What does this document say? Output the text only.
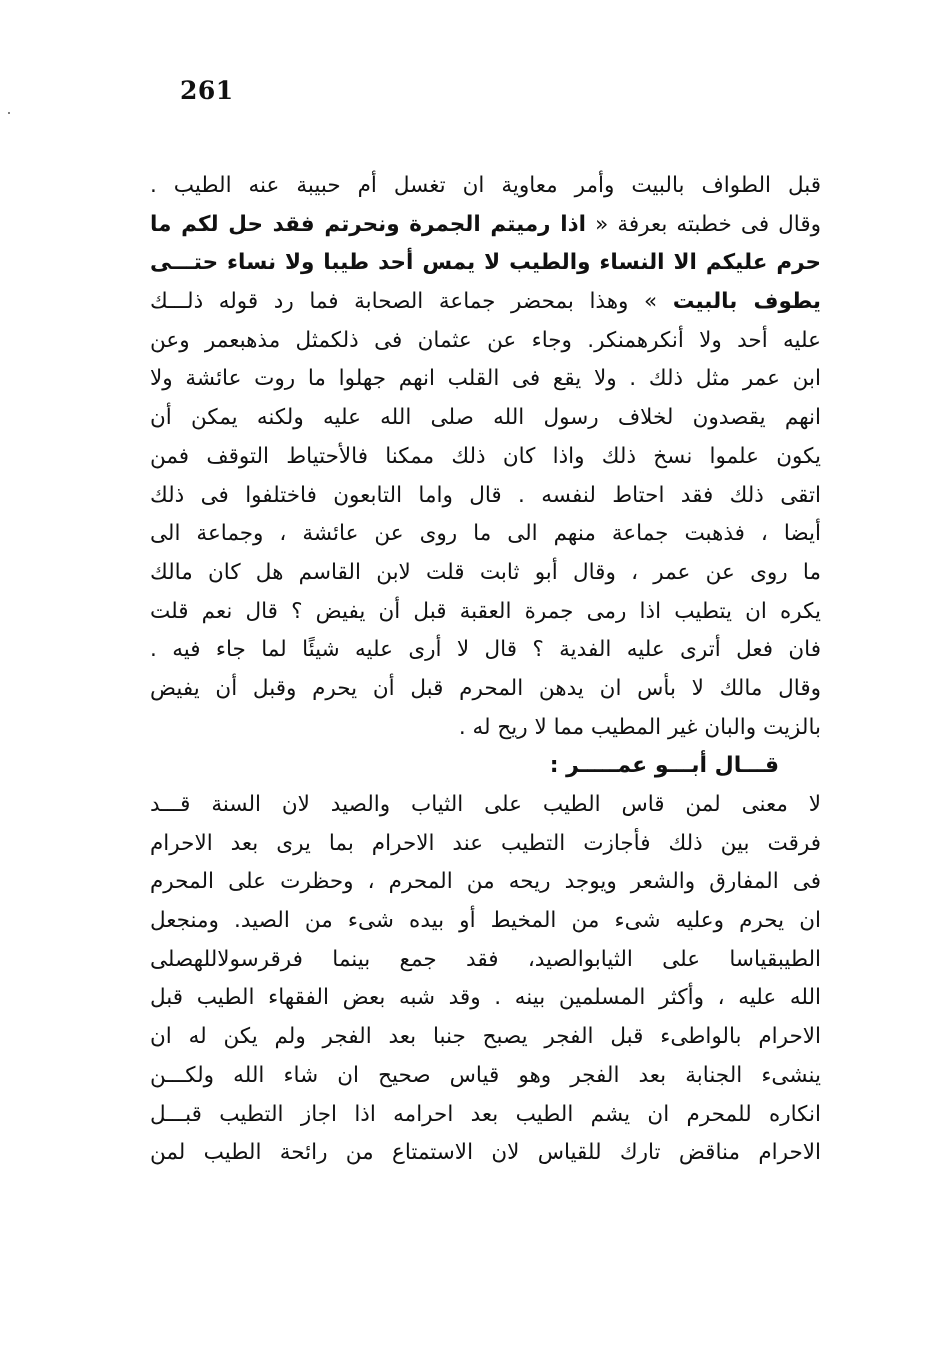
261
قبل الطواف بالبيت وأمر معاوية ان تغسل أم حبيبة عنه الطيب .
وقال فى خطبته بعرفة « اذا رميتم الجمرة ونحرتم فقد حل لكم ما
حرم عليكم الا النساء والطيب لا يمس أحد طيبا ولا نساء حتـــى
يطوف بالبيت » وهذا بمحضر جماعة الصحابة فما رد قوله ذلـــك
عليه أحد ولا أنكرهمنكر. وجاء عن عثمان فى ذلكمثل مذهبعمر وعن
ابن عمر مثل ذلك . ولا يقع فى القلب انهم جهلوا ما روت عائشة ولا
انهم يقصدون لخلاف رسول الله صلى الله عليه ولكنه يمكن أن
يكون علموا نسخ ذلك واذا كان ذلك ممكنا فالأحتياط التوقف فمن
اتقى ذلك فقد احتاط لنفسه . قال واما التابعون فاختلفوا فى ذلك
أيضا ، فذهبت جماعة منهم الى ما روى عن عائشة ، وجماعة الى
ما روى عن عمر ، وقال أبو ثابت قلت لابن القاسم هل كان مالك
يكره ان يتطيب اذا رمى جمرة العقبة قبل أن يفيض ؟ قال نعم قلت
فان فعل أترى عليه الفدية ؟ قال لا أرى عليه شيئًا لما جاء فيه .
وقال مالك لا بأس ان يدهن المحرم قبل أن يحرم وقبل أن يفيض
بالزيت والبان غير المطيب مما لا ريح له .
قـــال أبـــو عمـــــر :
لا معنى لمن قاس الطيب على الثياب والصيد لان السنة قـــد
فرقت بين ذلك فأجازت التطيب عند الاحرام بما يرى بعد الاحرام
فى المفارق والشعر ويوجد ريحه من المحرم ، وحظرت على المحرم
ان يحرم وعليه شىء من المخيط أو بيده شىء من الصيد. ومنجعل
الطيبقياسا على الثيابوالصيد، فقد جمع بينما فرقرسولاللهصلى
الله عليه ، وأكثر المسلمين بينه . وقد شبه بعض الفقهاء الطيب قبل
الاحرام بالواطىء قبل الفجر يصبح جنبا بعد الفجر ولم يكن له ان
ينشىء الجنابة بعد الفجر وهو قياس صحيح ان شاء الله ولكـــن
انكاره للمحرم ان يشم الطيب بعد احرامه اذا اجاز التطيب قبـــل
الاحرام مناقض تارك للقياس لان الاستمتاع من رائحة الطيب لمن
